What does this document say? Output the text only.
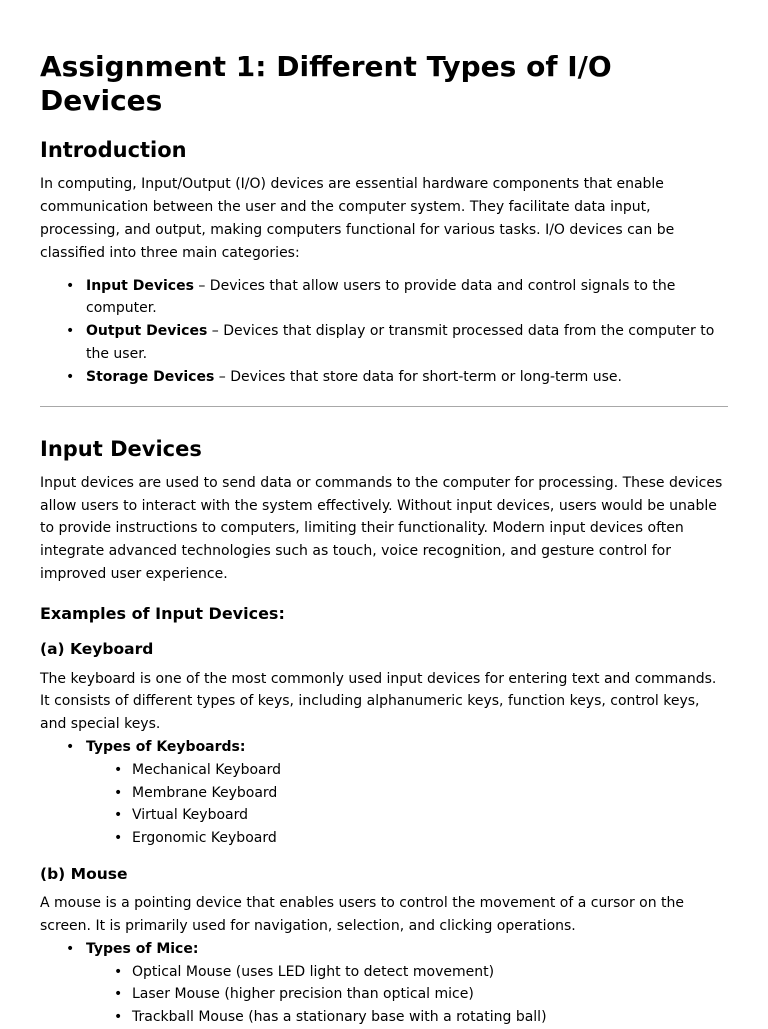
Assignment 1: Different Types of I/O Devices
Introduction

In computing, Input/Output (I/O) devices are essential hardware components that enable communication between the user and the computer system. They facilitate data input, processing, and output, making computers functional for various tasks. I/O devices can be classified into three main categories:

• Input Devices – Devices that allow users to provide data and control signals to the computer.
• Output Devices – Devices that display or transmit processed data from the computer to the user.
• Storage Devices – Devices that store data for short-term or long-term use.
Input Devices

Input devices are used to send data or commands to the computer for processing. These devices allow users to interact with the system effectively. Without input devices, users would be unable to provide instructions to computers, limiting their functionality. Modern input devices often integrate advanced technologies such as touch, voice recognition, and gesture control for improved user experience.

Examples of Input Devices:
(a) Keyboard

The keyboard is one of the most commonly used input devices for entering text and commands. It consists of different types of keys, including alphanumeric keys, function keys, control keys, and special keys.

• Types of Keyboards:
• Mechanical Keyboard
• Membrane Keyboard
• Virtual Keyboard
• Ergonomic Keyboard
(b) Mouse

A mouse is a pointing device that enables users to control the movement of a cursor on the screen. It is primarily used for navigation, selection, and clicking operations.

• Types of Mice:
• Optical Mouse (uses LED light to detect movement)
• Laser Mouse (higher precision than optical mice)
• Trackball Mouse (has a stationary base with a rotating ball)
